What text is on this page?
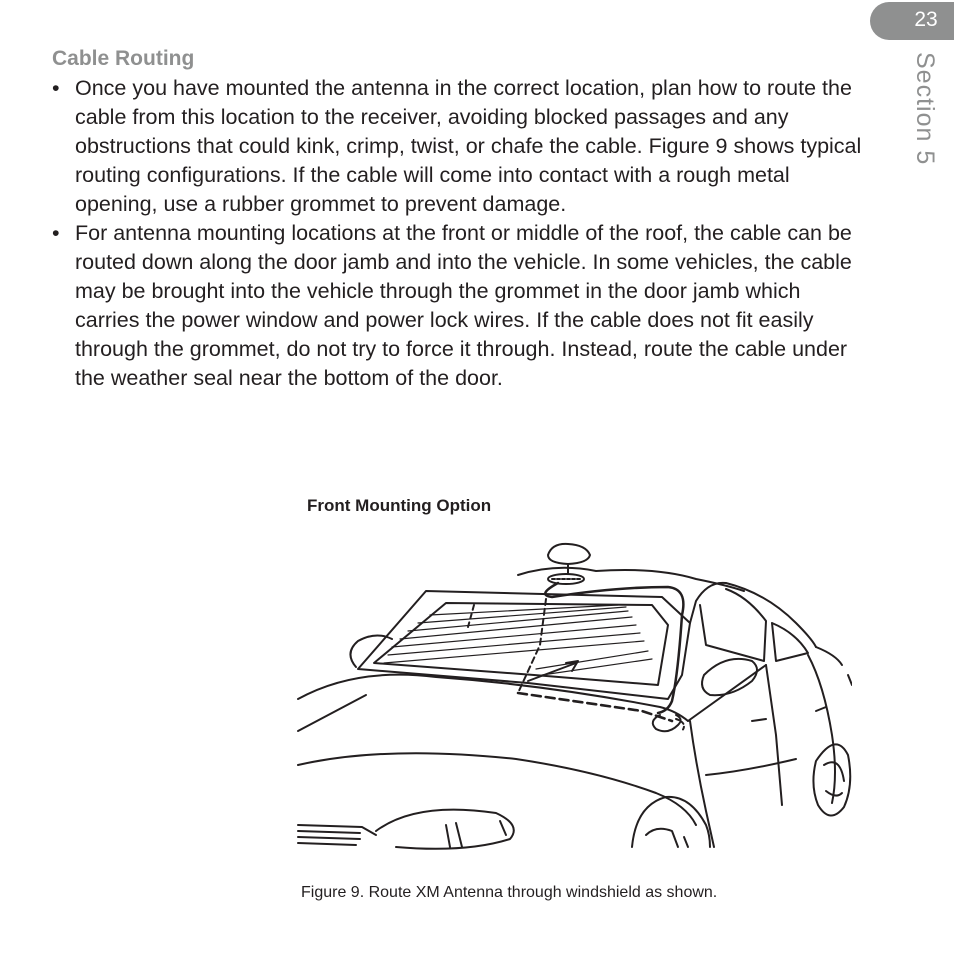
23
Section 5
Cable Routing
• Once you have mounted the antenna in the correct location, plan how to route the cable from this location to the receiver, avoiding blocked passages and any obstructions that could kink, crimp, twist, or chafe the cable. Figure 9 shows typical routing configurations. If the cable will come into contact with a rough metal opening, use a rubber grommet to prevent damage.
• For antenna mounting locations at the front or middle of the roof, the cable can be routed down along the door jamb and into the vehicle. In some vehicles, the cable may be brought into the vehicle through the grommet in the door jamb which carries the power window and power lock wires. If the cable does not fit easily through the grommet, do not try to force it through. Instead, route the cable under the weather seal near the bottom of the door.
Front Mounting Option
Figure 9. Route XM Antenna through windshield as shown.
